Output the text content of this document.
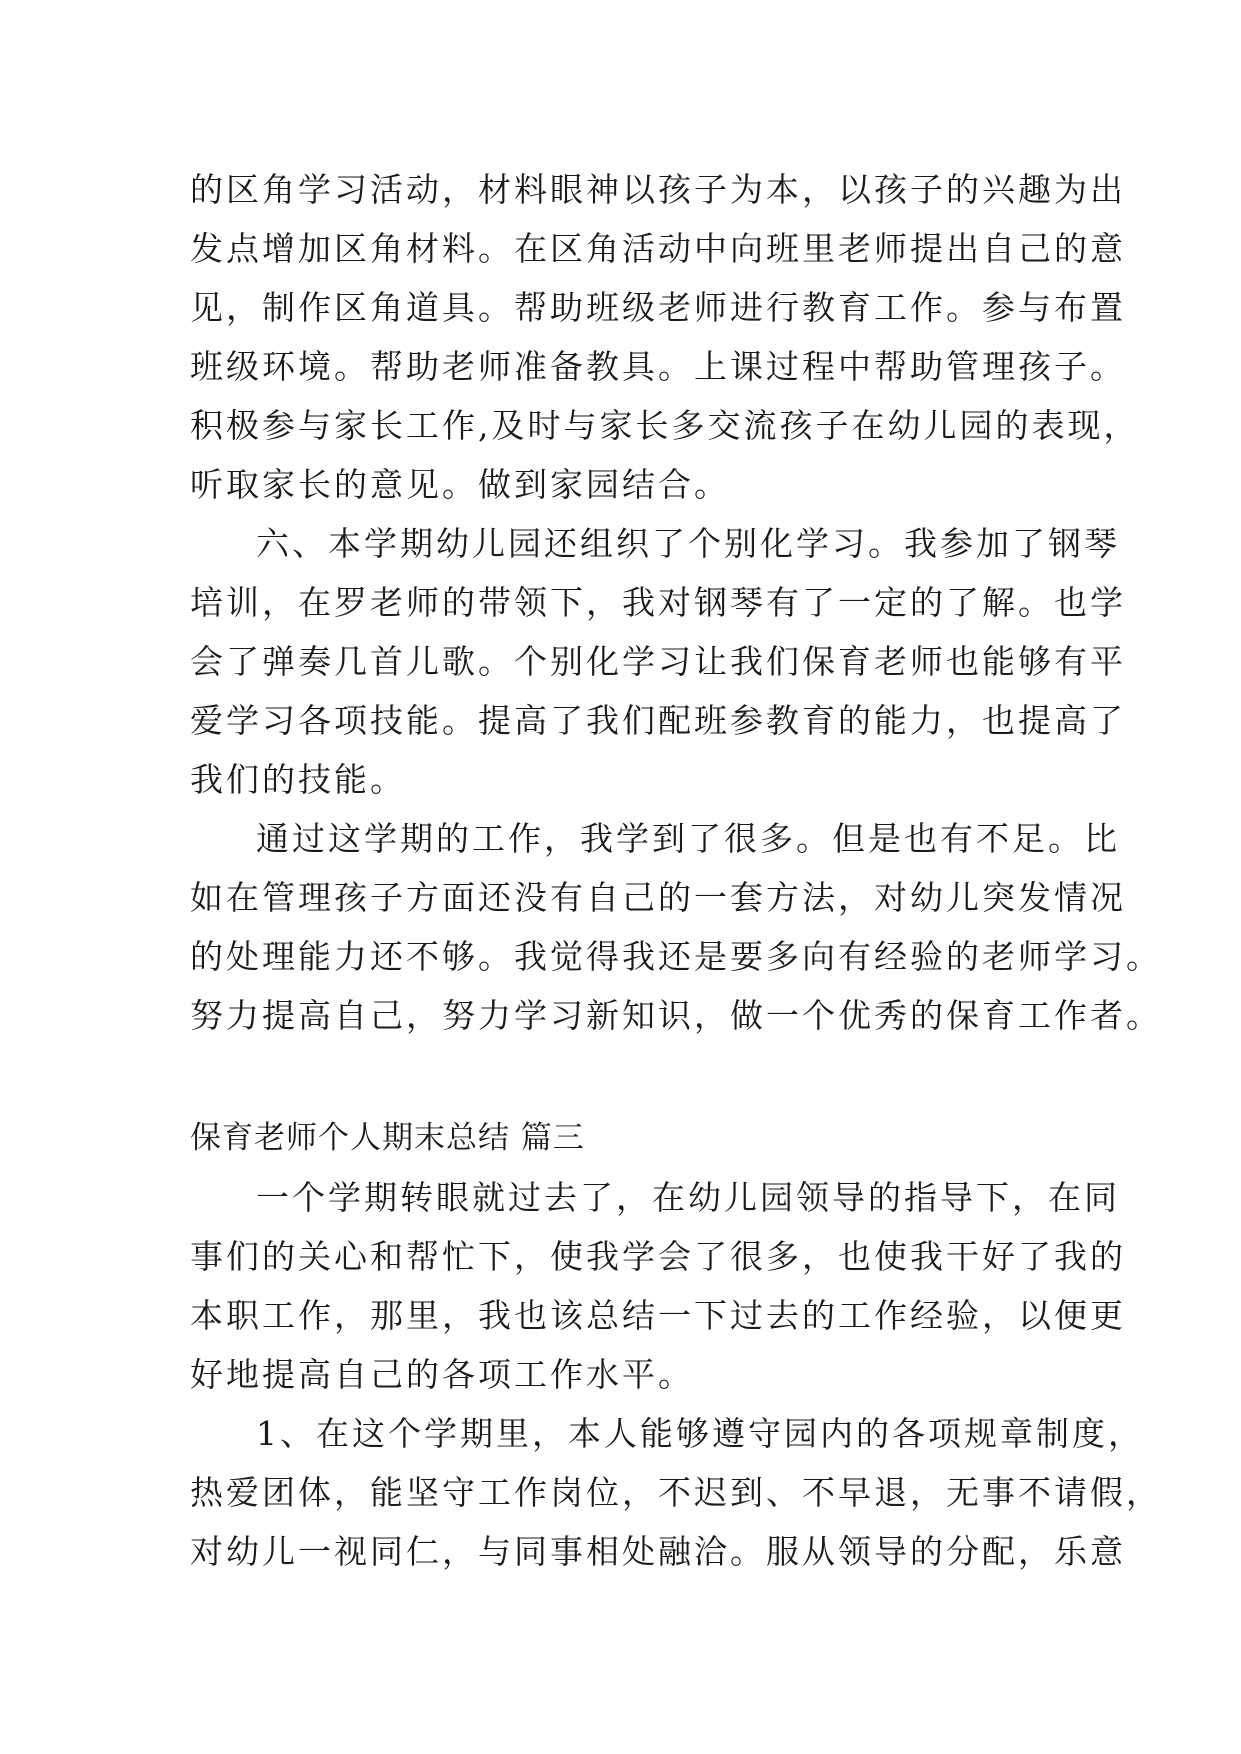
的区角学习活动，材料眼神以孩子为本，以孩子的兴趣为出
发点增加区角材料。在区角活动中向班里老师提出自己的意
见，制作区角道具。帮助班级老师进行教育工作。参与布置
班级环境。帮助老师准备教具。上课过程中帮助管理孩子。
积极参与家长工作,及时与家长多交流孩子在幼儿园的表现，
听取家长的意见。做到家园结合。
六、本学期幼儿园还组织了个别化学习。我参加了钢琴
培训，在罗老师的带领下，我对钢琴有了一定的了解。也学
会了弹奏几首儿歌。个别化学习让我们保育老师也能够有平
爱学习各项技能。提高了我们配班参教育的能力，也提高了
我们的技能。
通过这学期的工作，我学到了很多。但是也有不足。比
如在管理孩子方面还没有自己的一套方法，对幼儿突发情况
的处理能力还不够。我觉得我还是要多向有经验的老师学习。
努力提高自己，努力学习新知识，做一个优秀的保育工作者。
保育老师个人期末总结 篇三
一个学期转眼就过去了，在幼儿园领导的指导下，在同
事们的关心和帮忙下，使我学会了很多，也使我干好了我的
本职工作，那里，我也该总结一下过去的工作经验，以便更
好地提高自己的各项工作水平。
1、在这个学期里，本人能够遵守园内的各项规章制度，
热爱团体，能坚守工作岗位，不迟到、不早退，无事不请假，
对幼儿一视同仁，与同事相处融洽。服从领导的分配，乐意
